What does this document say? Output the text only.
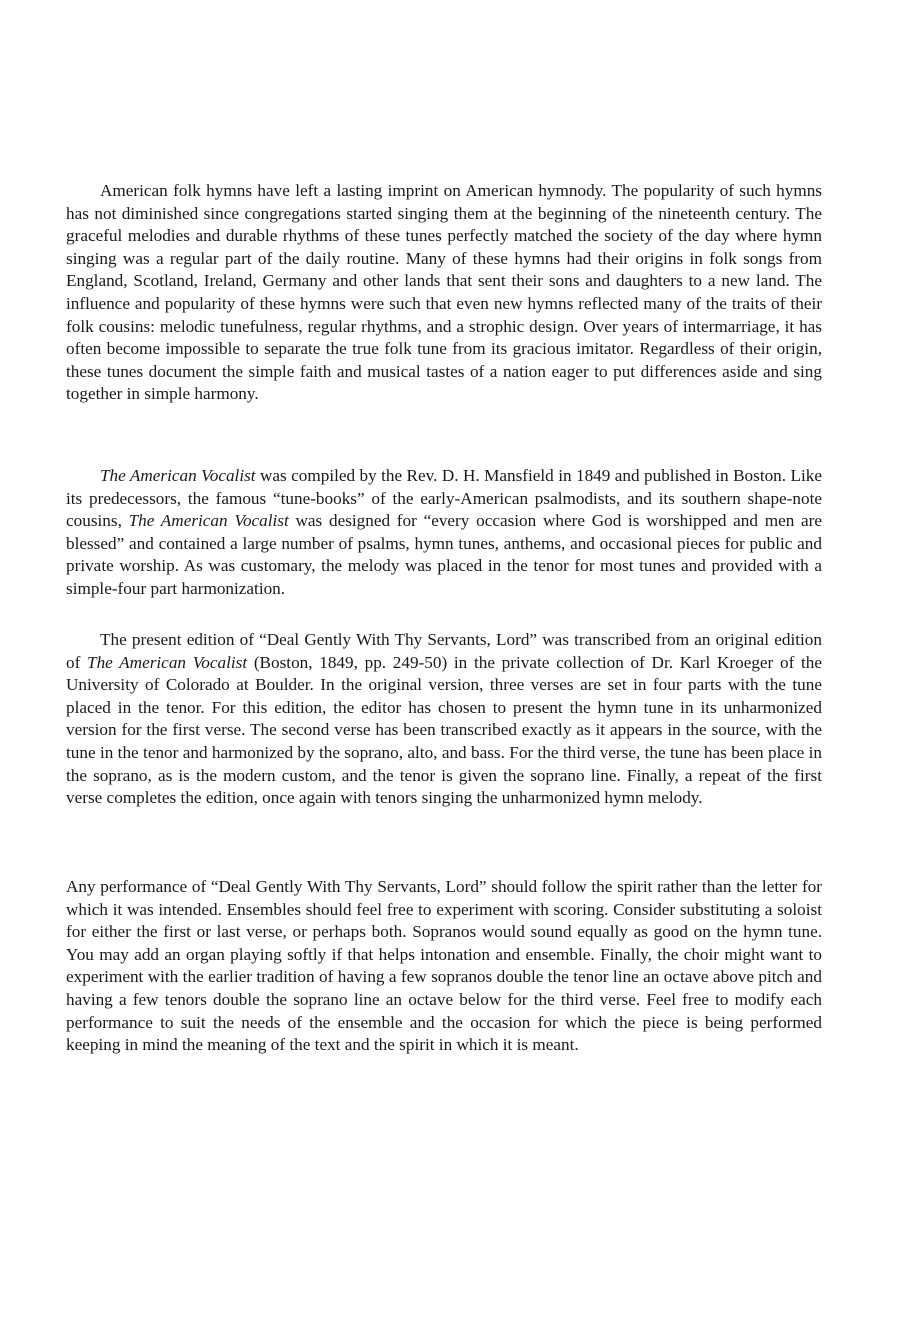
American folk hymns have left a lasting imprint on American hymnody. The popularity of such hymns has not diminished since congregations started singing them at the beginning of the nineteenth century. The graceful melodies and durable rhythms of these tunes perfectly matched the society of the day where hymn singing was a regular part of the daily routine. Many of these hymns had their origins in folk songs from England, Scotland, Ireland, Germany and other lands that sent their sons and daughters to a new land. The influence and popularity of these hymns were such that even new hymns reflected many of the traits of their folk cousins: melodic tunefulness, regular rhythms, and a strophic design. Over years of intermarriage, it has often become impossible to separate the true folk tune from its gracious imitator. Regardless of their origin, these tunes document the simple faith and musical tastes of a nation eager to put differences aside and sing together in simple harmony.

The American Vocalist was compiled by the Rev. D. H. Mansfield in 1849 and published in Boston. Like its predecessors, the famous “tune-books” of the early-American psalmodists, and its southern shape-note cousins, The American Vocalist was designed for “every occasion where God is worshipped and men are blessed” and contained a large number of psalms, hymn tunes, anthems, and occasional pieces for public and private worship. As was customary, the melody was placed in the tenor for most tunes and provided with a simple-four part harmonization.

The present edition of “Deal Gently With Thy Servants, Lord” was transcribed from an original edition of The American Vocalist (Boston, 1849, pp. 249-50) in the private collection of Dr. Karl Kroeger of the University of Colorado at Boulder. In the original version, three verses are set in four parts with the tune placed in the tenor. For this edition, the editor has chosen to present the hymn tune in its unharmonized version for the first verse. The second verse has been transcribed exactly as it appears in the source, with the tune in the tenor and harmonized by the soprano, alto, and bass. For the third verse, the tune has been place in the soprano, as is the modern custom, and the tenor is given the soprano line. Finally, a repeat of the first verse completes the edition, once again with tenors singing the unharmonized hymn melody.

Any performance of “Deal Gently With Thy Servants, Lord” should follow the spirit rather than the letter for which it was intended. Ensembles should feel free to experiment with scoring. Consider substituting a soloist for either the first or last verse, or perhaps both. Sopranos would sound equally as good on the hymn tune. You may add an organ playing softly if that helps intonation and ensemble. Finally, the choir might want to experiment with the earlier tradition of having a few sopranos double the tenor line an octave above pitch and having a few tenors double the soprano line an octave below for the third verse. Feel free to modify each performance to suit the needs of the ensemble and the occasion for which the piece is being performed keeping in mind the meaning of the text and the spirit in which it is meant.
